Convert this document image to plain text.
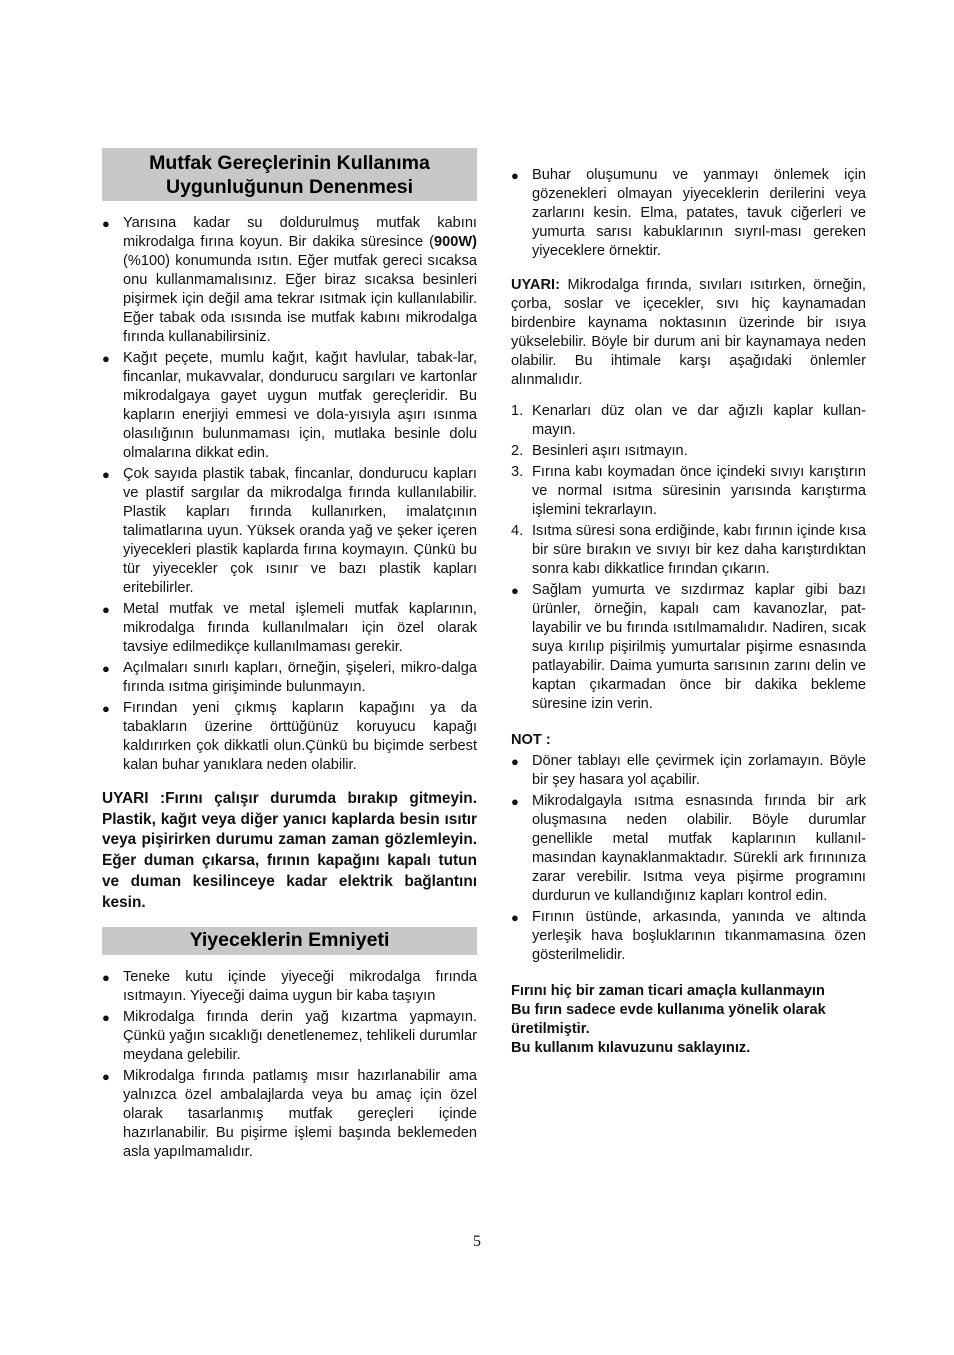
Mutfak Gereçlerinin Kullanıma
Uygunluğunun Denenmesi
● Yarısına kadar su doldurulmuş mutfak kabını mikrodalga fırına koyun. Bir dakika süresince (900W) (%100) konumunda ısıtın. Eğer mutfak gereci sıcaksa onu kullanmamalısınız. Eğer biraz sıcaksa besinleri pişirmek için değil ama tekrar ısıtmak için kullanılabilir. Eğer tabak oda ısısında ise mutfak kabını mikrodalga fırında kullanabilirsiniz.
● Kağıt peçete, mumlu kağıt, kağıt havlular, tabak-lar, fincanlar, mukavvalar, dondurucu sargıları ve kartonlar mikrodalgaya gayet uygun mutfak gereçleridir. Bu kapların enerjiyi emmesi ve dola-yısıyla aşırı ısınma olasılığının bulunmaması için, mutlaka besinle dolu olmalarına dikkat edin.
● Çok sayıda plastik tabak, fincanlar, dondurucu kapları ve plastif sargılar da mikrodalga fırında kullanılabilir. Plastik kapları fırında kullanırken, imalatçının talimatlarına uyun. Yüksek oranda yağ ve şeker içeren yiyecekleri plastik kaplarda fırına koymayın. Çünkü bu tür yiyecekler çok ısınır ve bazı plastik kapları eritebilirler.
● Metal mutfak ve metal işlemeli mutfak kaplarının, mikrodalga fırında kullanılmaları için özel olarak tavsiye edilmedikçe kullanılmaması gerekir.
● Açılmaları sınırlı kapları, örneğin, şişeleri, mikro-dalga fırında ısıtma girişiminde bulunmayın.
● Fırından yeni çıkmış kapların kapağını ya da tabakların üzerine örttüğünüz koruyucu kapağı kaldırırken çok dikkatli olun.Çünkü bu biçimde serbest kalan buhar yanıklara neden olabilir.
UYARI :Fırını çalışır durumda bırakıp gitmeyin. Plastik, kağıt veya diğer yanıcı kaplarda besin ısıtır veya pişirirken durumu zaman zaman gözlemleyin. Eğer duman çıkarsa, fırının kapağını kapalı tutun ve duman kesilinceye kadar elektrik bağlantını kesin.
Yiyeceklerin Emniyeti
● Teneke kutu içinde yiyeceği mikrodalga fırında ısıtmayın. Yiyeceği daima uygun bir kaba taşıyın
● Mikrodalga fırında derin yağ kızartma yapmayın. Çünkü yağın sıcaklığı denetlenemez, tehlikeli durumlar meydana gelebilir.
● Mikrodalga fırında patlamış mısır hazırlanabilir ama yalnızca özel ambalajlarda veya bu amaç için özel olarak tasarlanmış mutfak gereçleri içinde hazırlanabilir. Bu pişirme işlemi başında beklemeden asla yapılmamalıdır.
● Buhar oluşumunu ve yanmayı önlemek için gözenekleri olmayan yiyeceklerin derilerini veya zarlarını kesin. Elma, patates, tavuk ciğerleri ve yumurta sarısı kabuklarının sıyrıl-ması gereken yiyeceklere örnektir.

UYARI: Mikrodalga fırında, sıvıları ısıtırken, örneğin, çorba, soslar ve içecekler, sıvı hiç kaynamadan birdenbire kaynama noktasının üzerinde bir ısıya yükselebilir. Böyle bir durum ani bir kaynamaya neden olabilir. Bu ihtimale karşı aşağıdaki önlemler alınmalıdır.

1. Kenarları düz olan ve dar ağızlı kaplar kullan-mayın.
2. Besinleri aşırı ısıtmayın.
3. Fırına kabı koymadan önce içindeki sıvıyı karıştırın ve normal ısıtma süresinin yarısında karıştırma işlemini tekrarlayın.
4. Isıtma süresi sona erdiğinde, kabı fırının içinde kısa bir süre bırakın ve sıvıyı bir kez daha karıştırdıktan sonra kabı dikkatlice fırından çıkarın.
● Sağlam yumurta ve sızdırmaz kaplar gibi bazı ürünler, örneğin, kapalı cam kavanozlar, pat-layabilir ve bu fırında ısıtılmamalıdır. Nadiren, sıcak suya kırılıp pişirilmiş yumurtalar pişirme esnasında patlayabilir. Daima yumurta sarısının zarını delin ve kaptan çıkarmadan önce bir dakika bekleme süresine izin verin.

NOT :

● Döner tablayı elle çevirmek için zorlamayın. Böyle bir şey hasara yol açabilir.
● Mikrodalgayla ısıtma esnasında fırında bir ark oluşmasına neden olabilir. Böyle durumlar genellikle metal mutfak kaplarının kullanıl-masından kaynaklanmaktadır. Sürekli ark fırınınıza zarar verebilir. Isıtma veya pişirme programını durdurun ve kullandığınız kapları kontrol edin.
● Fırının üstünde, arkasında, yanında ve altında yerleşik hava boşluklarının tıkanmamasına özen gösterilmelidir.
Fırını hiç bir zaman ticari amaçla kullanmayın
Bu fırın sadece evde kullanıma yönelik olarak üretilmiştir.
Bu kullanım kılavuzunu saklayınız.
5
